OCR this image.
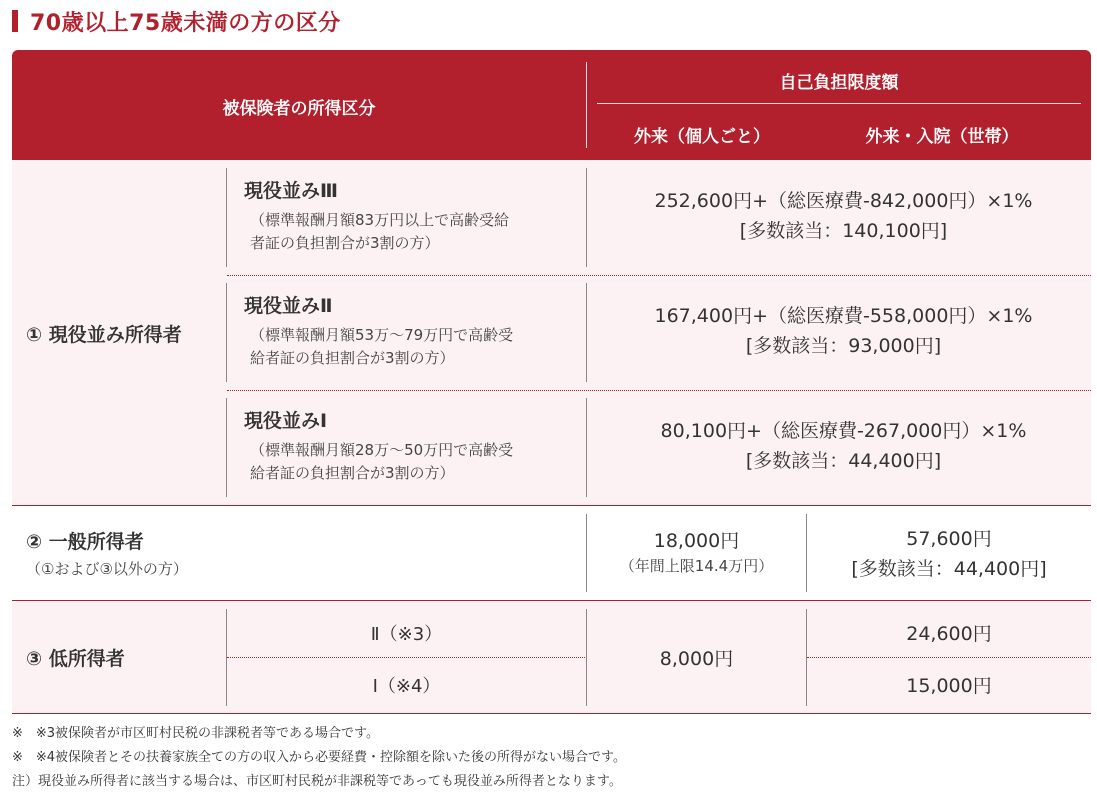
70歳以上75歳未満の方の区分
被保険者の所得区分
自己負担限度額
外来（個人ごと）	外来・入院（世帯）
① 現役並み所得者
現役並みⅢ
（標準報酬月額83万円以上で高齢受給
者証の負担割合が3割の方）
252,600円+（総医療費-842,000円）×1%
[多数該当：140,100円]
現役並みⅡ
（標準報酬月額53万～79万円で高齢受
給者証の負担割合が3割の方）
167,400円+（総医療費-558,000円）×1%
[多数該当：93,000円]
現役並みⅠ
（標準報酬月額28万～50万円で高齢受
給者証の負担割合が3割の方）
80,100円+（総医療費-267,000円）×1%
[多数該当：44,400円]
② 一般所得者
（①および③以外の方）
18,000円
（年間上限14.4万円）
57,600円
[多数該当：44,400円]
③ 低所得者
Ⅱ（※3）
Ⅰ（※4）
8,000円
24,600円
15,000円
※　※3被保険者が市区町村民税の非課税者等である場合です。
※　※4被保険者とその扶養家族全ての方の収入から必要経費・控除額を除いた後の所得がない場合です。
注）現役並み所得者に該当する場合は、市区町村民税が非課税等であっても現役並み所得者となります。
